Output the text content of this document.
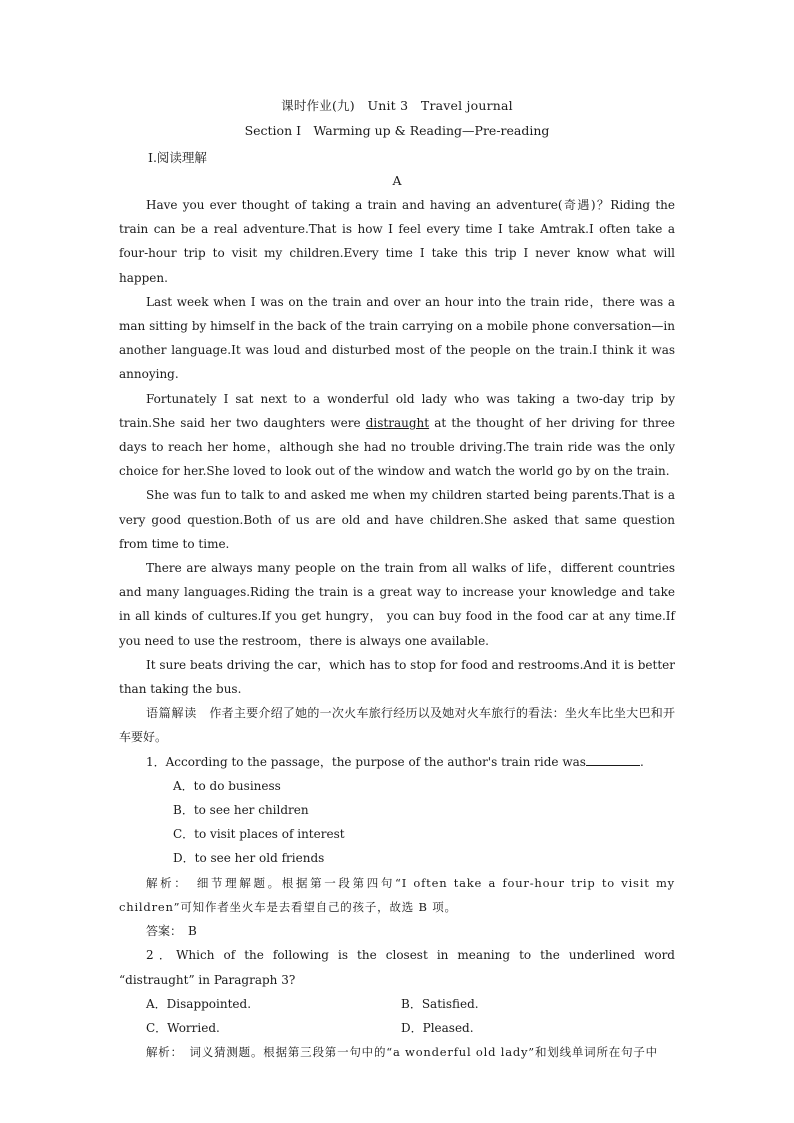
课时作业(九)　Unit 3　Travel journal
Section Ⅰ　Warming up & Reading—Pre-reading
Ⅰ.阅读理解
A

Have you ever thought of taking a train and having an adventure(奇遇)？Riding the train can be a real adventure.That is how I feel every time I take Amtrak.I often take a four-hour trip to visit my children.Every time I take this trip I never know what will happen.

Last week when I was on the train and over an hour into the train ride，there was a man sitting by himself in the back of the train carrying on a mobile phone conversation—in another language.It was loud and disturbed most of the people on the train.I think it was annoying.

Fortunately I sat next to a wonderful old lady who was taking a two-day trip by train.She said her two daughters were distraught at the thought of her driving for three days to reach her home，although she had no trouble driving.The train ride was the only choice for her.She loved to look out of the window and watch the world go by on the train.

She was fun to talk to and asked me when my children started being parents.That is a very good question.Both of us are old and have children.She asked that same question from time to time.

There are always many people on the train from all walks of life，different countries and many languages.Riding the train is a great way to increase your knowledge and take in all kinds of cultures.If you get hungry， you can buy food in the food car at any time.If you need to use the restroom，there is always one available.

It sure beats driving the car，which has to stop for food and restrooms.And it is better than taking the bus.

语篇解读　 作者主要介绍了她的一次火车旅行经历以及她对火车旅行的看法：坐火车比坐大巴和开车要好。

1．According to the passage，the purpose of the author's train ride was	.

A．to do business

B．to see her children

C．to visit places of interest

D．to see her old friends

解析：　 细节理解题。根据第一段第四句“I often take a four-hour trip to visit my children”可知作者坐火车是去看望自己的孩子，故选 B 项。

答案：　 B

2．Which of the following is the closest in meaning to the underlined word “distraught” in Paragraph 3?

A．Disappointed.	B．Satisfied.
C．Worried.	D．Pleased.

解析：　 词义猜测题。根据第三段第一句中的“a wonderful old lady”和划线单词所在句子中
